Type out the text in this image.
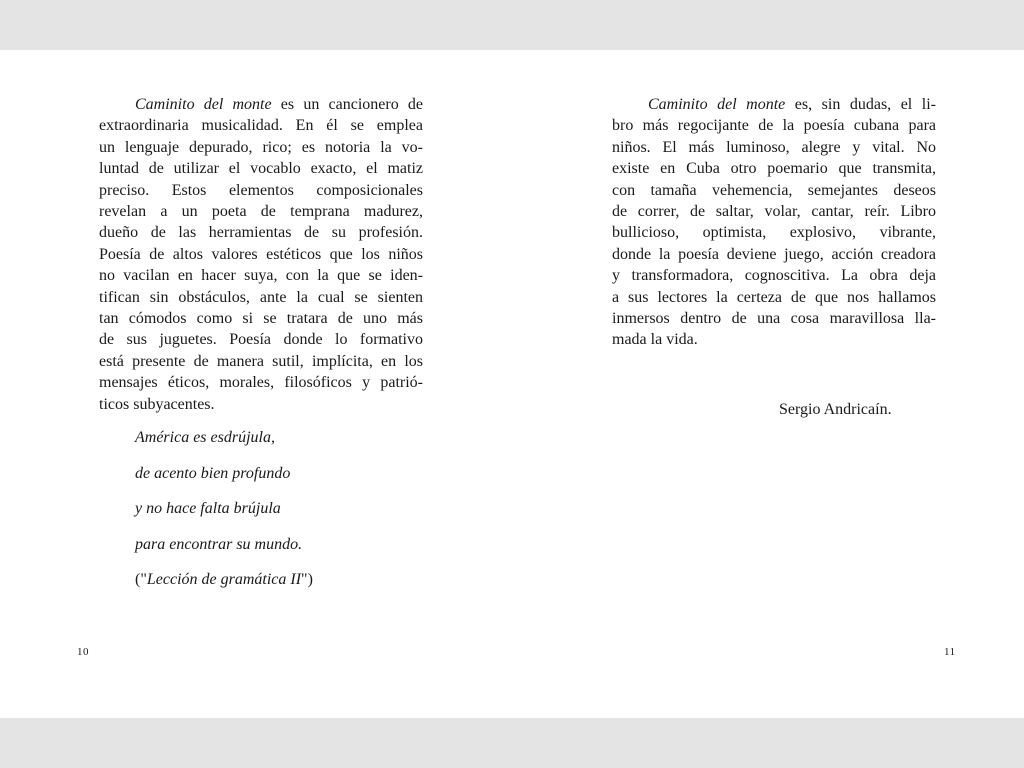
Caminito del monte es un cancionero de
extraordinaria musicalidad. En él se emplea
un lenguaje depurado, rico; es notoria la vo-
luntad de utilizar el vocablo exacto, el matiz
preciso. Estos elementos composicionales
revelan a un poeta de temprana madurez,
dueño de las herramientas de su profesión.
Poesía de altos valores estéticos que los niños
no vacilan en hacer suya, con la que se iden-
tifican sin obstáculos, ante la cual se sienten
tan cómodos como si se tratara de uno más
de sus juguetes. Poesía donde lo formativo
está presente de manera sutil, implícita, en los
mensajes éticos, morales, filosóficos y patrió-
ticos subyacentes.
América es esdrújula,
de acento bien profundo
y no hace falta brújula
para encontrar su mundo.
("Lección de gramática II")
10
Caminito del monte es, sin dudas, el li-
bro más regocijante de la poesía cubana para
niños. El más luminoso, alegre y vital. No
existe en Cuba otro poemario que transmita,
con tamaña vehemencia, semejantes deseos
de correr, de saltar, volar, cantar, reír. Libro
bullicioso, optimista, explosivo, vibrante,
donde la poesía deviene juego, acción creadora
y transformadora, cognoscitiva. La obra deja
a sus lectores la certeza de que nos hallamos
inmersos dentro de una cosa maravillosa lla-
mada la vida.
Sergio Andricaín.
11
